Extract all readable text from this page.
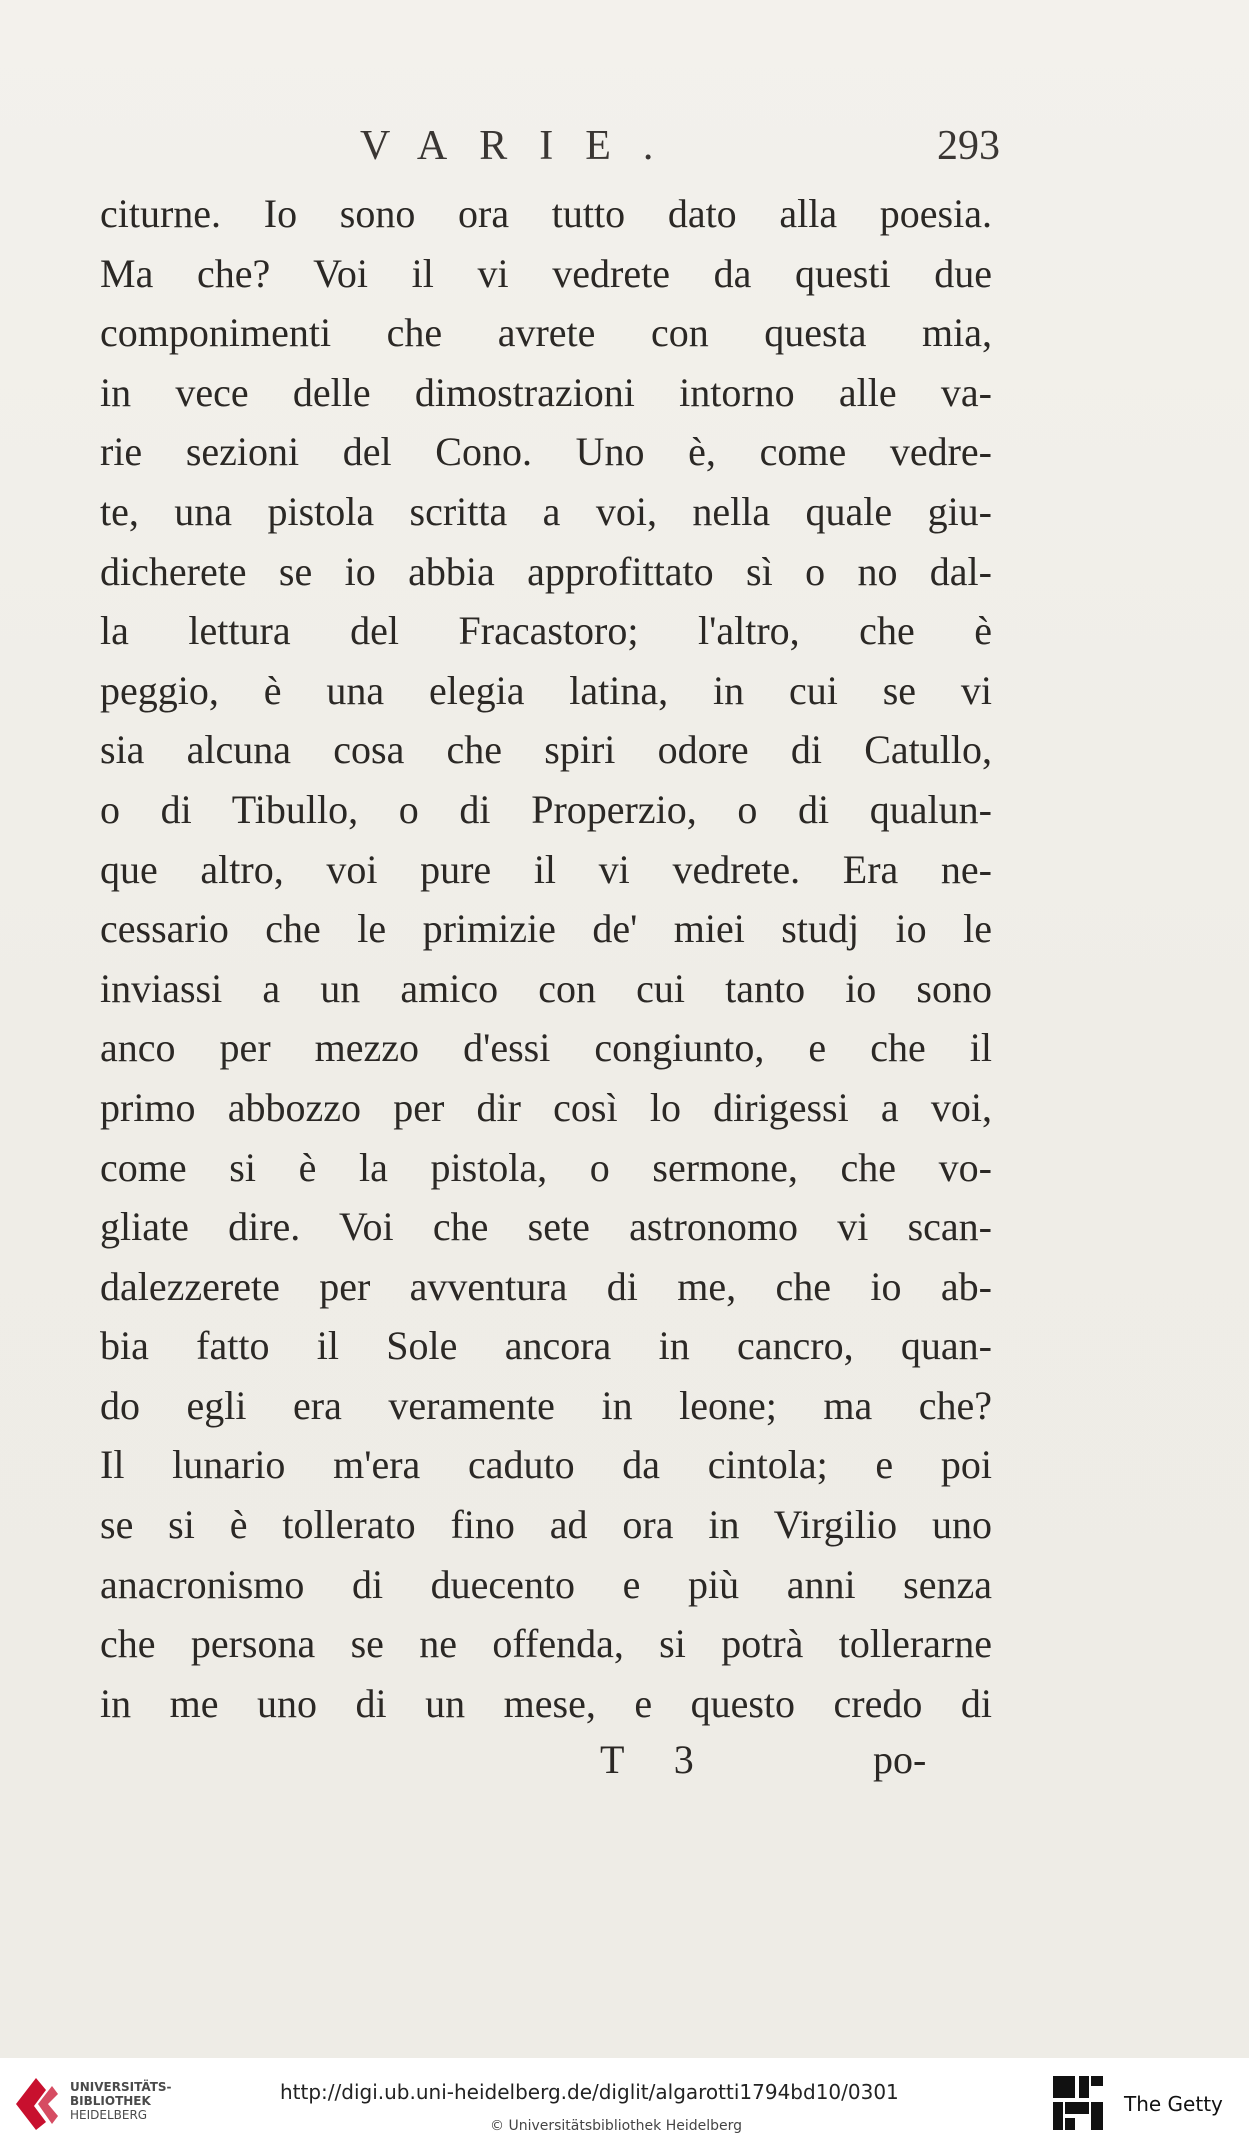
VARIE.	293
citurne. Io sono ora tutto dato alla poesia.
Ma che? Voi il vi vedrete da questi due
componimenti che avrete con questa mia,
in vece delle dimostrazioni intorno alle va-
rie sezioni del Cono. Uno è, come vedre-
te, una pistola scritta a voi, nella quale giu-
dicherete se io abbia approfittato sì o no dal-
la lettura del Fracastoro; l'altro, che è
peggio, è una elegia latina, in cui se vi
sia alcuna cosa che spiri odore di Catullo,
o di Tibullo, o di Properzio, o di qualun-
que altro, voi pure il vi vedrete. Era ne-
cessario che le primizie de' miei studj io le
inviassi a un amico con cui tanto io sono
anco per mezzo d'essi congiunto, e che il
primo abbozzo per dir così lo dirigessi a voi,
come si è la pistola, o sermone, che vo-
gliate dire. Voi che sete astronomo vi scan-
dalezzerete per avventura di me, che io ab-
bia fatto il Sole ancora in cancro, quan-
do egli era veramente in leone; ma che?
Il lunario m'era caduto da cintola; e poi
se si è tollerato fino ad ora in Virgilio uno
anacronismo di duecento e più anni senza
che persona se ne offenda, si potrà tollerarne
in me uno di un mese, e questo credo di
T 3	po-
UNIVERSITÄTS-
BIBLIOTHEK
HEIDELBERG
http://digi.ub.uni-heidelberg.de/diglit/algarotti1794bd10/0301
© Universitätsbibliothek Heidelberg
The Getty
